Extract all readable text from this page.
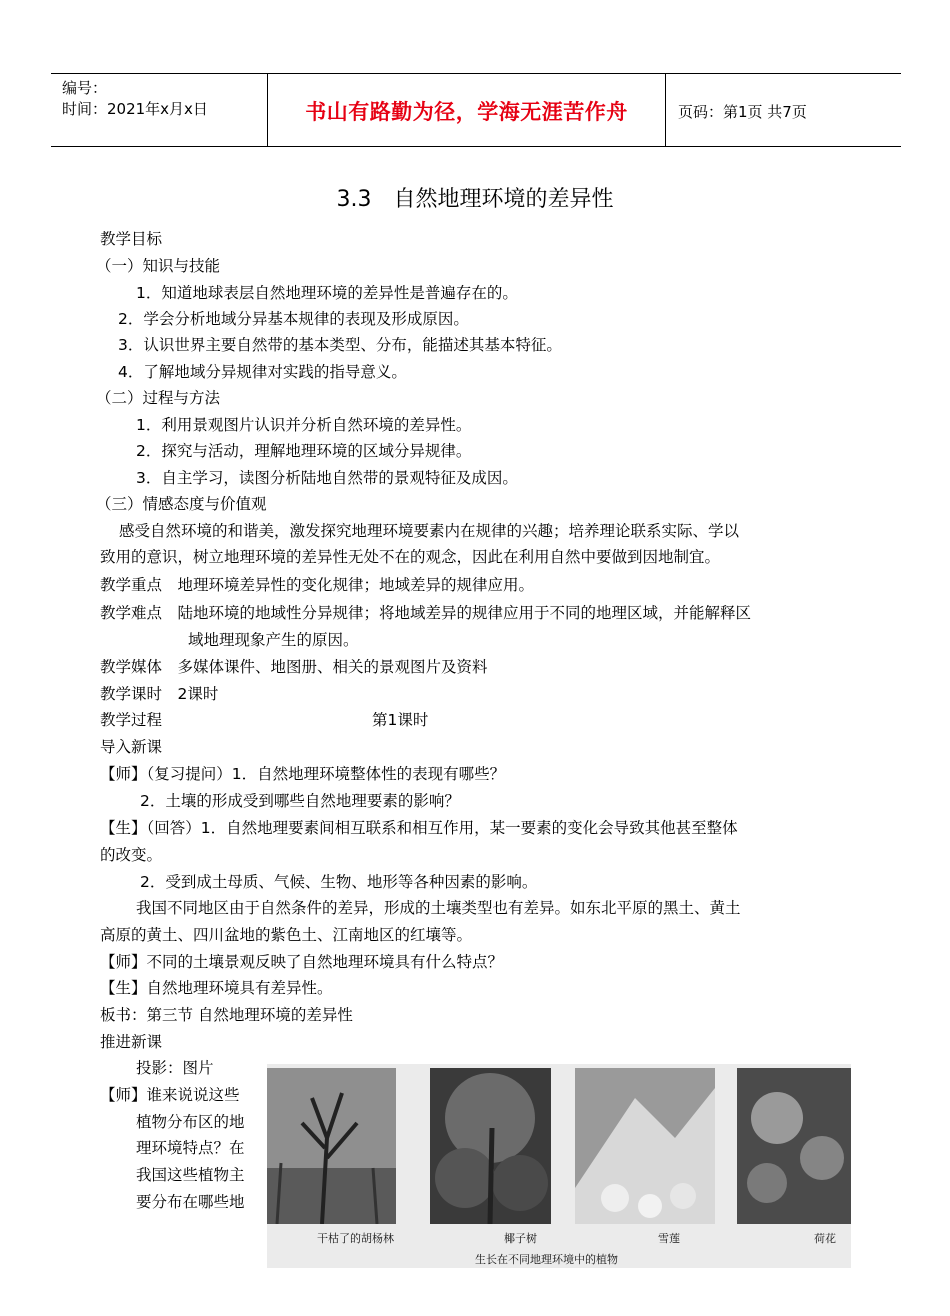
编号：
时间：2021年x月x日	书山有路勤为径，学海无涯苦作舟	页码：第1页 共7页
3.3　自然地理环境的差异性
教学目标
（一）知识与技能
1．知道地球表层自然地理环境的差异性是普遍存在的。
2．学会分析地域分异基本规律的表现及形成原因。
3．认识世界主要自然带的基本类型、分布，能描述其基本特征。
4．了解地域分异规律对实践的指导意义。
（二）过程与方法
1．利用景观图片认识并分析自然环境的差异性。
2．探究与活动，理解地理环境的区域分异规律。
3．自主学习，读图分析陆地自然带的景观特征及成因。
（三）情感态度与价值观
感受自然环境的和谐美，激发探究地理环境要素内在规律的兴趣；培养理论联系实际、学以
致用的意识，树立地理环境的差异性无处不在的观念，因此在利用自然中要做到因地制宜。
教学重点　地理环境差异性的变化规律；地域差异的规律应用。
教学难点　陆地环境的地域性分异规律；将地域差异的规律应用于不同的地理区域，并能解释区
域地理现象产生的原因。
教学媒体　多媒体课件、地图册、相关的景观图片及资料
教学课时　2课时
教学过程	第1课时
导入新课
【师】（复习提问）1．自然地理环境整体性的表现有哪些？
2．土壤的形成受到哪些自然地理要素的影响？
【生】（回答）1．自然地理要素间相互联系和相互作用，某一要素的变化会导致其他甚至整体
的改变。
2．受到成土母质、气候、生物、地形等各种因素的影响。
我国不同地区由于自然条件的差异，形成的土壤类型也有差异。如东北平原的黑土、黄土
高原的黄土、四川盆地的紫色土、江南地区的红壤等。
【师】不同的土壤景观反映了自然地理环境具有什么特点？
【生】自然地理环境具有差异性。
板书：第三节 自然地理环境的差异性
推进新课
投影：图片
【师】谁来说说这些
植物分布区的地
理环境特点？在
我国这些植物主
要分布在哪些地
干枯了的胡杨林	椰子树	雪莲	荷花
生长在不同地理环境中的植物
